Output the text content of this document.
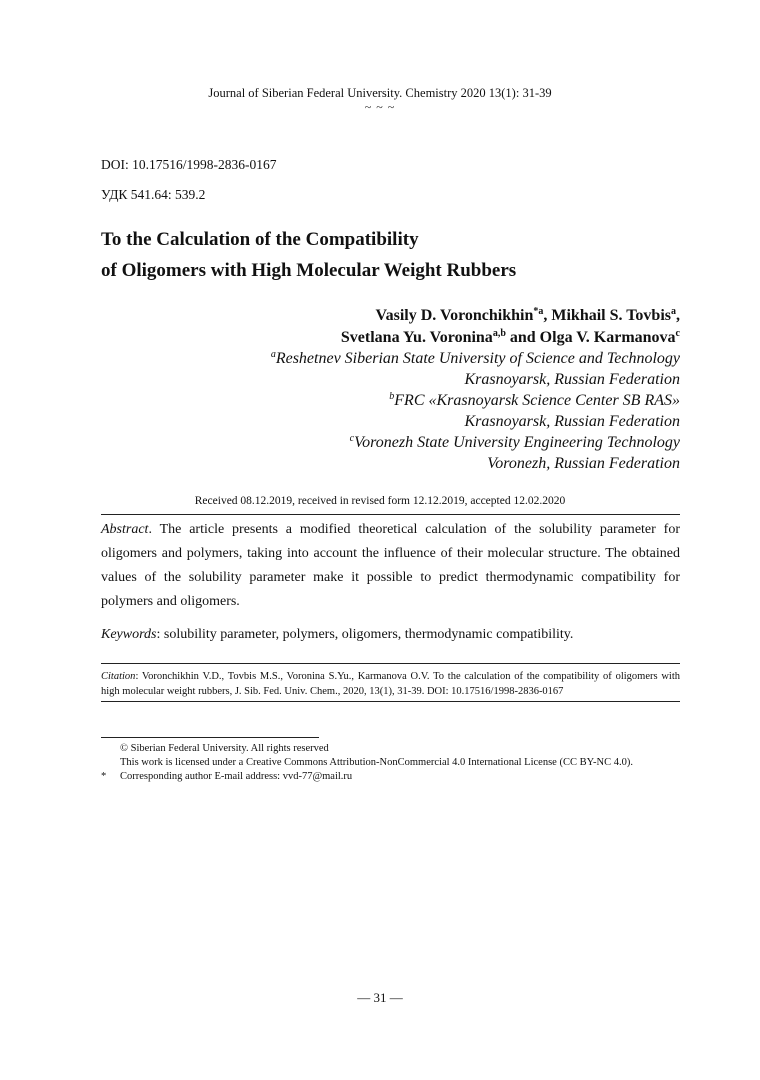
Journal of Siberian Federal University. Chemistry 2020 13(1): 31-39
~ ~ ~
DOI: 10.17516/1998-2836-0167
УДК 541.64: 539.2
To the Calculation of the Compatibility
of Oligomers with High Molecular Weight Rubbers
Vasily D. Voronchikhin$^{*a}$, Mikhail S. Tovbis$^a$,
Svetlana Yu. Voronina$^{a,b}$ and Olga V. Karmanova$^c$
$^a$Reshetnev Siberian State University of Science and Technology
Krasnoyarsk, Russian Federation
$^b$FRC «Krasnoyarsk Science Center SB RAS»
Krasnoyarsk, Russian Federation
$^c$Voronezh State University Engineering Technology
Voronezh, Russian Federation
Received 08.12.2019, received in revised form 12.12.2019, accepted 12.02.2020
Abstract. The article presents a modified theoretical calculation of the solubility parameter for oligomers and polymers, taking into account the influence of their molecular structure. The obtained values of the solubility parameter make it possible to predict thermodynamic compatibility for polymers and oligomers.
Keywords: solubility parameter, polymers, oligomers, thermodynamic compatibility.
Citation: Voronchikhin V.D., Tovbis M.S., Voronina S.Yu., Karmanova O.V. To the calculation of the compatibility of oligomers with high molecular weight rubbers, J. Sib. Fed. Univ. Chem., 2020, 13(1), 31-39. DOI: 10.17516/1998-2836-0167
© Siberian Federal University. All rights reserved
This work is licensed under a Creative Commons Attribution-NonCommercial 4.0 International License (CC BY-NC 4.0).
*	Corresponding author E-mail address: vvd-77@mail.ru
— 31 —
